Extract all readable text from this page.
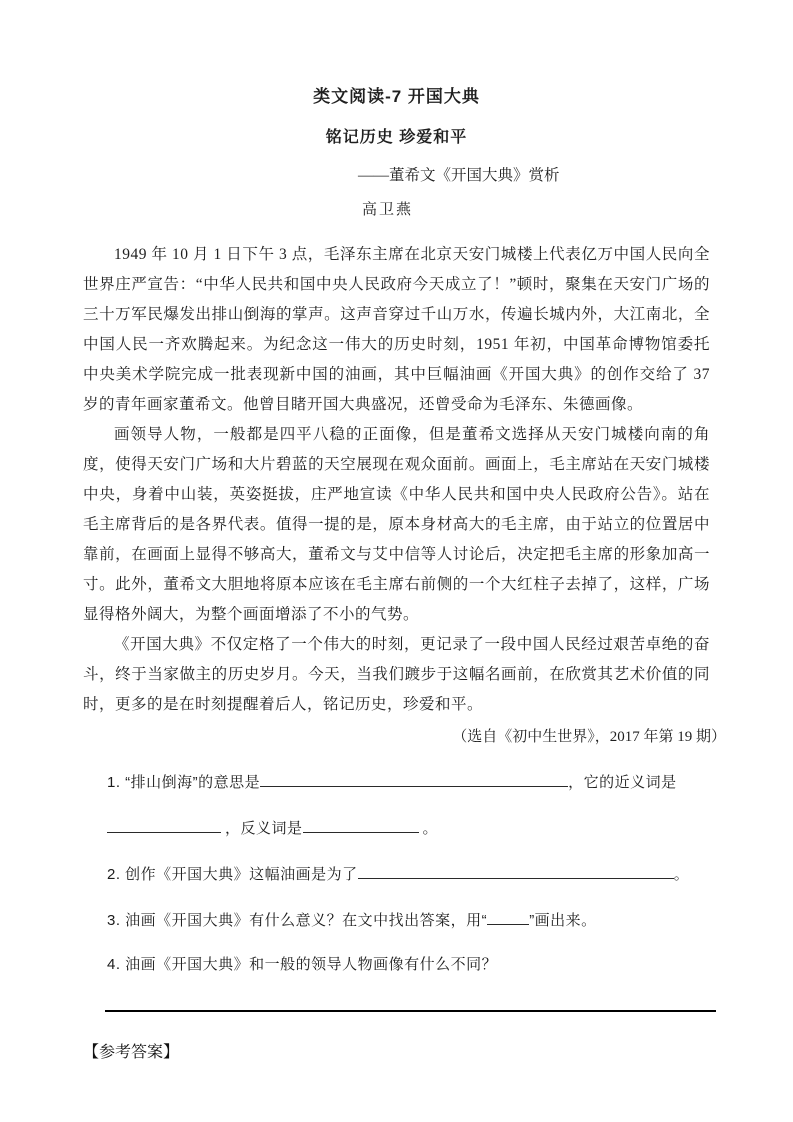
类文阅读-7 开国大典
铭记历史 珍爱和平
——董希文《开国大典》赏析
高卫燕

1949 年 10 月 1 日下午 3 点，毛泽东主席在北京天安门城楼上代表亿万中国人民向全世界庄严宣告：“中华人民共和国中央人民政府今天成立了！”顿时，聚集在天安门广场的三十万军民爆发出排山倒海的掌声。这声音穿过千山万水，传遍长城内外，大江南北，全中国人民一齐欢腾起来。为纪念这一伟大的历史时刻，1951 年初，中国革命博物馆委托中央美术学院完成一批表现新中国的油画，其中巨幅油画《开国大典》的创作交给了 37 岁的青年画家董希文。他曾目睹开国大典盛况，还曾受命为毛泽东、朱德画像。

画领导人物，一般都是四平八稳的正面像，但是董希文选择从天安门城楼向南的角度，使得天安门广场和大片碧蓝的天空展现在观众面前。画面上，毛主席站在天安门城楼中央，身着中山装，英姿挺拔，庄严地宣读《中华人民共和国中央人民政府公告》。站在毛主席背后的是各界代表。值得一提的是，原本身材高大的毛主席，由于站立的位置居中靠前，在画面上显得不够高大，董希文与艾中信等人讨论后，决定把毛主席的形象加高一寸。此外，董希文大胆地将原本应该在毛主席右前侧的一个大红柱子去掉了，这样，广场显得格外阔大，为整个画面增添了不小的气势。

《开国大典》不仅定格了一个伟大的时刻，更记录了一段中国人民经过艰苦卓绝的奋斗，终于当家做主的历史岁月。今天，当我们踱步于这幅名画前，在欣赏其艺术价值的同时，更多的是在时刻提醒着后人，铭记历史，珍爱和平。

（选自《初中生世界》，2017 年第 19 期）
1. “排山倒海”的意思是	，它的近义词是
，反义词是	。
2. 创作《开国大典》这幅油画是为了	。
3. 油画《开国大典》有什么意义？在文中找出答案，用“	”画出来。
4. 油画《开国大典》和一般的领导人物画像有什么不同？
【参考答案】
